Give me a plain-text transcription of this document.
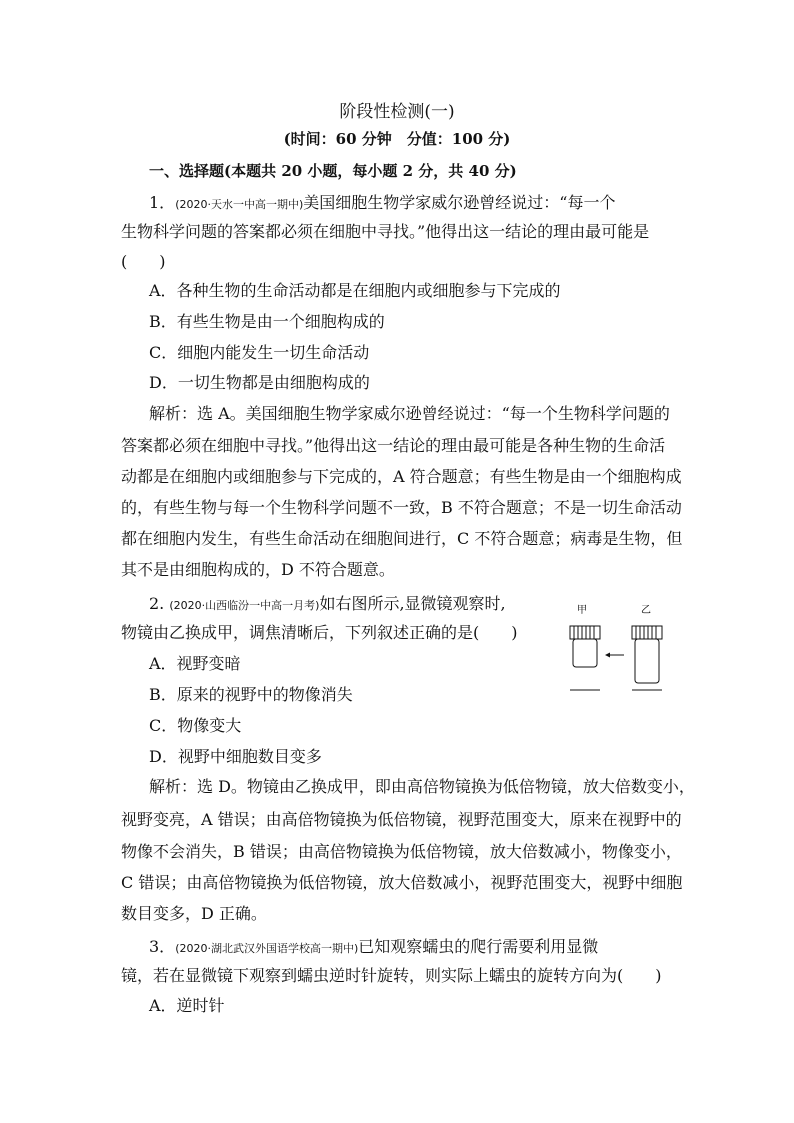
阶段性检测(一)
(时间：60 分钟　分值：100 分)
一、选择题(本题共 20 小题，每小题 2 分，共 40 分)
1．(2020·天水一中高一期中)美国细胞生物学家威尔逊曾经说过：“每一个
生物科学问题的答案都必须在细胞中寻找。”他得出这一结论的理由最可能是
(　　)
A．各种生物的生命活动都是在细胞内或细胞参与下完成的
B．有些生物是由一个细胞构成的
C．细胞内能发生一切生命活动
D．一切生物都是由细胞构成的
解析：选 A。美国细胞生物学家威尔逊曾经说过：“每一个生物科学问题的
答案都必须在细胞中寻找。”他得出这一结论的理由最可能是各种生物的生命活
动都是在细胞内或细胞参与下完成的，A 符合题意；有些生物是由一个细胞构成
的，有些生物与每一个生物科学问题不一致，B 不符合题意；不是一切生命活动
都在细胞内发生，有些生命活动在细胞间进行，C 不符合题意；病毒是生物，但
其不是由细胞构成的，D 不符合题意。
2. (2020·山西临汾一中高一月考)如右图所示,显微镜观察时,
物镜由乙换成甲，调焦清晰后，下列叙述正确的是(　　)
A．视野变暗
B．原来的视野中的物像消失
C．物像变大
D．视野中细胞数目变多
甲	乙
解析：选 D。物镜由乙换成甲，即由高倍物镜换为低倍物镜，放大倍数变小，
视野变亮，A 错误；由高倍物镜换为低倍物镜，视野范围变大，原来在视野中的
物像不会消失，B 错误；由高倍物镜换为低倍物镜，放大倍数减小，物像变小，
C 错误；由高倍物镜换为低倍物镜，放大倍数减小，视野范围变大，视野中细胞
数目变多，D 正确。
3．(2020·湖北武汉外国语学校高一期中)已知观察蠕虫的爬行需要利用显微
镜，若在显微镜下观察到蠕虫逆时针旋转，则实际上蠕虫的旋转方向为(　　)
A．逆时针
